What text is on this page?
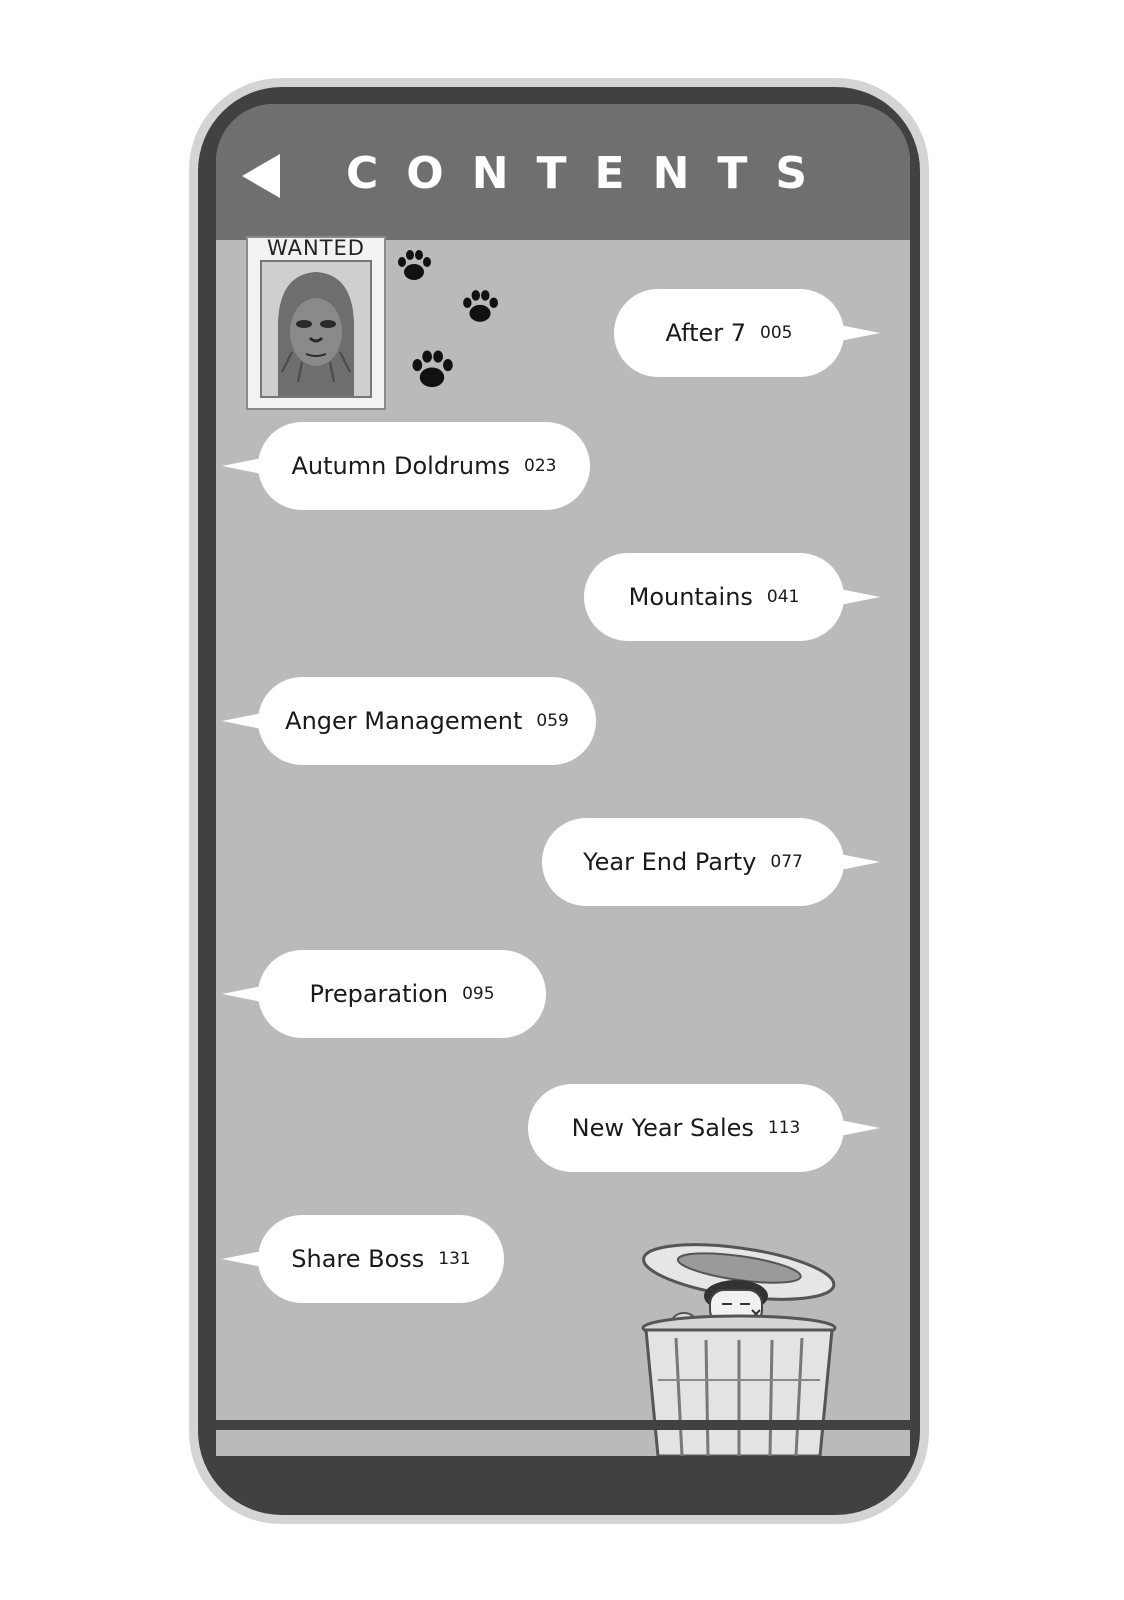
CONTENTS
WANTED
After 7 005
Autumn Doldrums 023
Mountains 041
Anger Management 059
Year End Party 077
Preparation 095
New Year Sales 113
Share Boss 131
